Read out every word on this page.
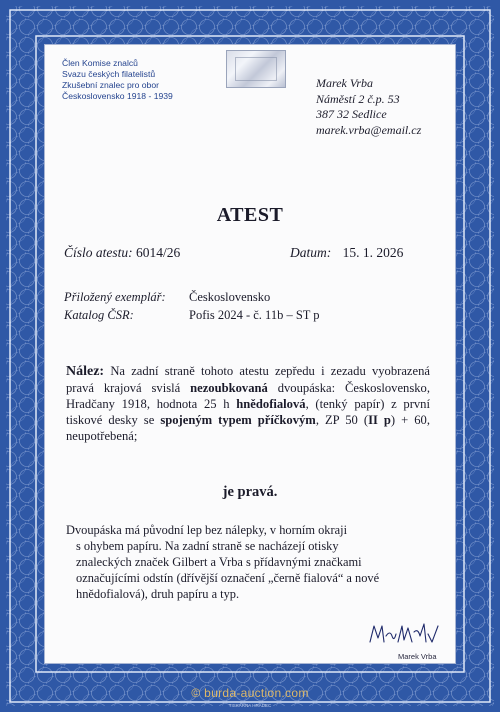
Člen Komise znalců
Svazu českých filatelistů
Zkušební znalec pro obor
Československo 1918 - 1939
Marek Vrba
Náměstí 2 č.p. 53
387 32 Sedlice
marek.vrba@email.cz
ATEST
Číslo atestu: 6014/26	Datum: 15. 1. 2026
Přiložený exemplář: Československo
Katalog ČSR:	Pofis 2024 - č. 11b – ST p
Nález: Na zadní straně tohoto atestu zepředu i zezadu vyobrazená pravá krajová svislá nezoubkovaná dvoupáska: Československo, Hradčany 1918, hodnota 25 h hnědofialová, (tenký papír) z první tiskové desky se spojeným typem příčkovým, ZP 50 (II p) + 60, neupotřebená;
je pravá.
Dvoupáska má původní lep bez nálepky, v horním okraji
s ohybem papíru. Na zadní straně se nacházejí otisky
znaleckých značek Gilbert a Vrba s přídavnými značkami
označujícími odstín (dřívější označení „černě fialová“ a nové
hnědofialová), druh papíru a typ.
Marek Vrba
© burda-auction.com
TISKÁRNA HRADEC
